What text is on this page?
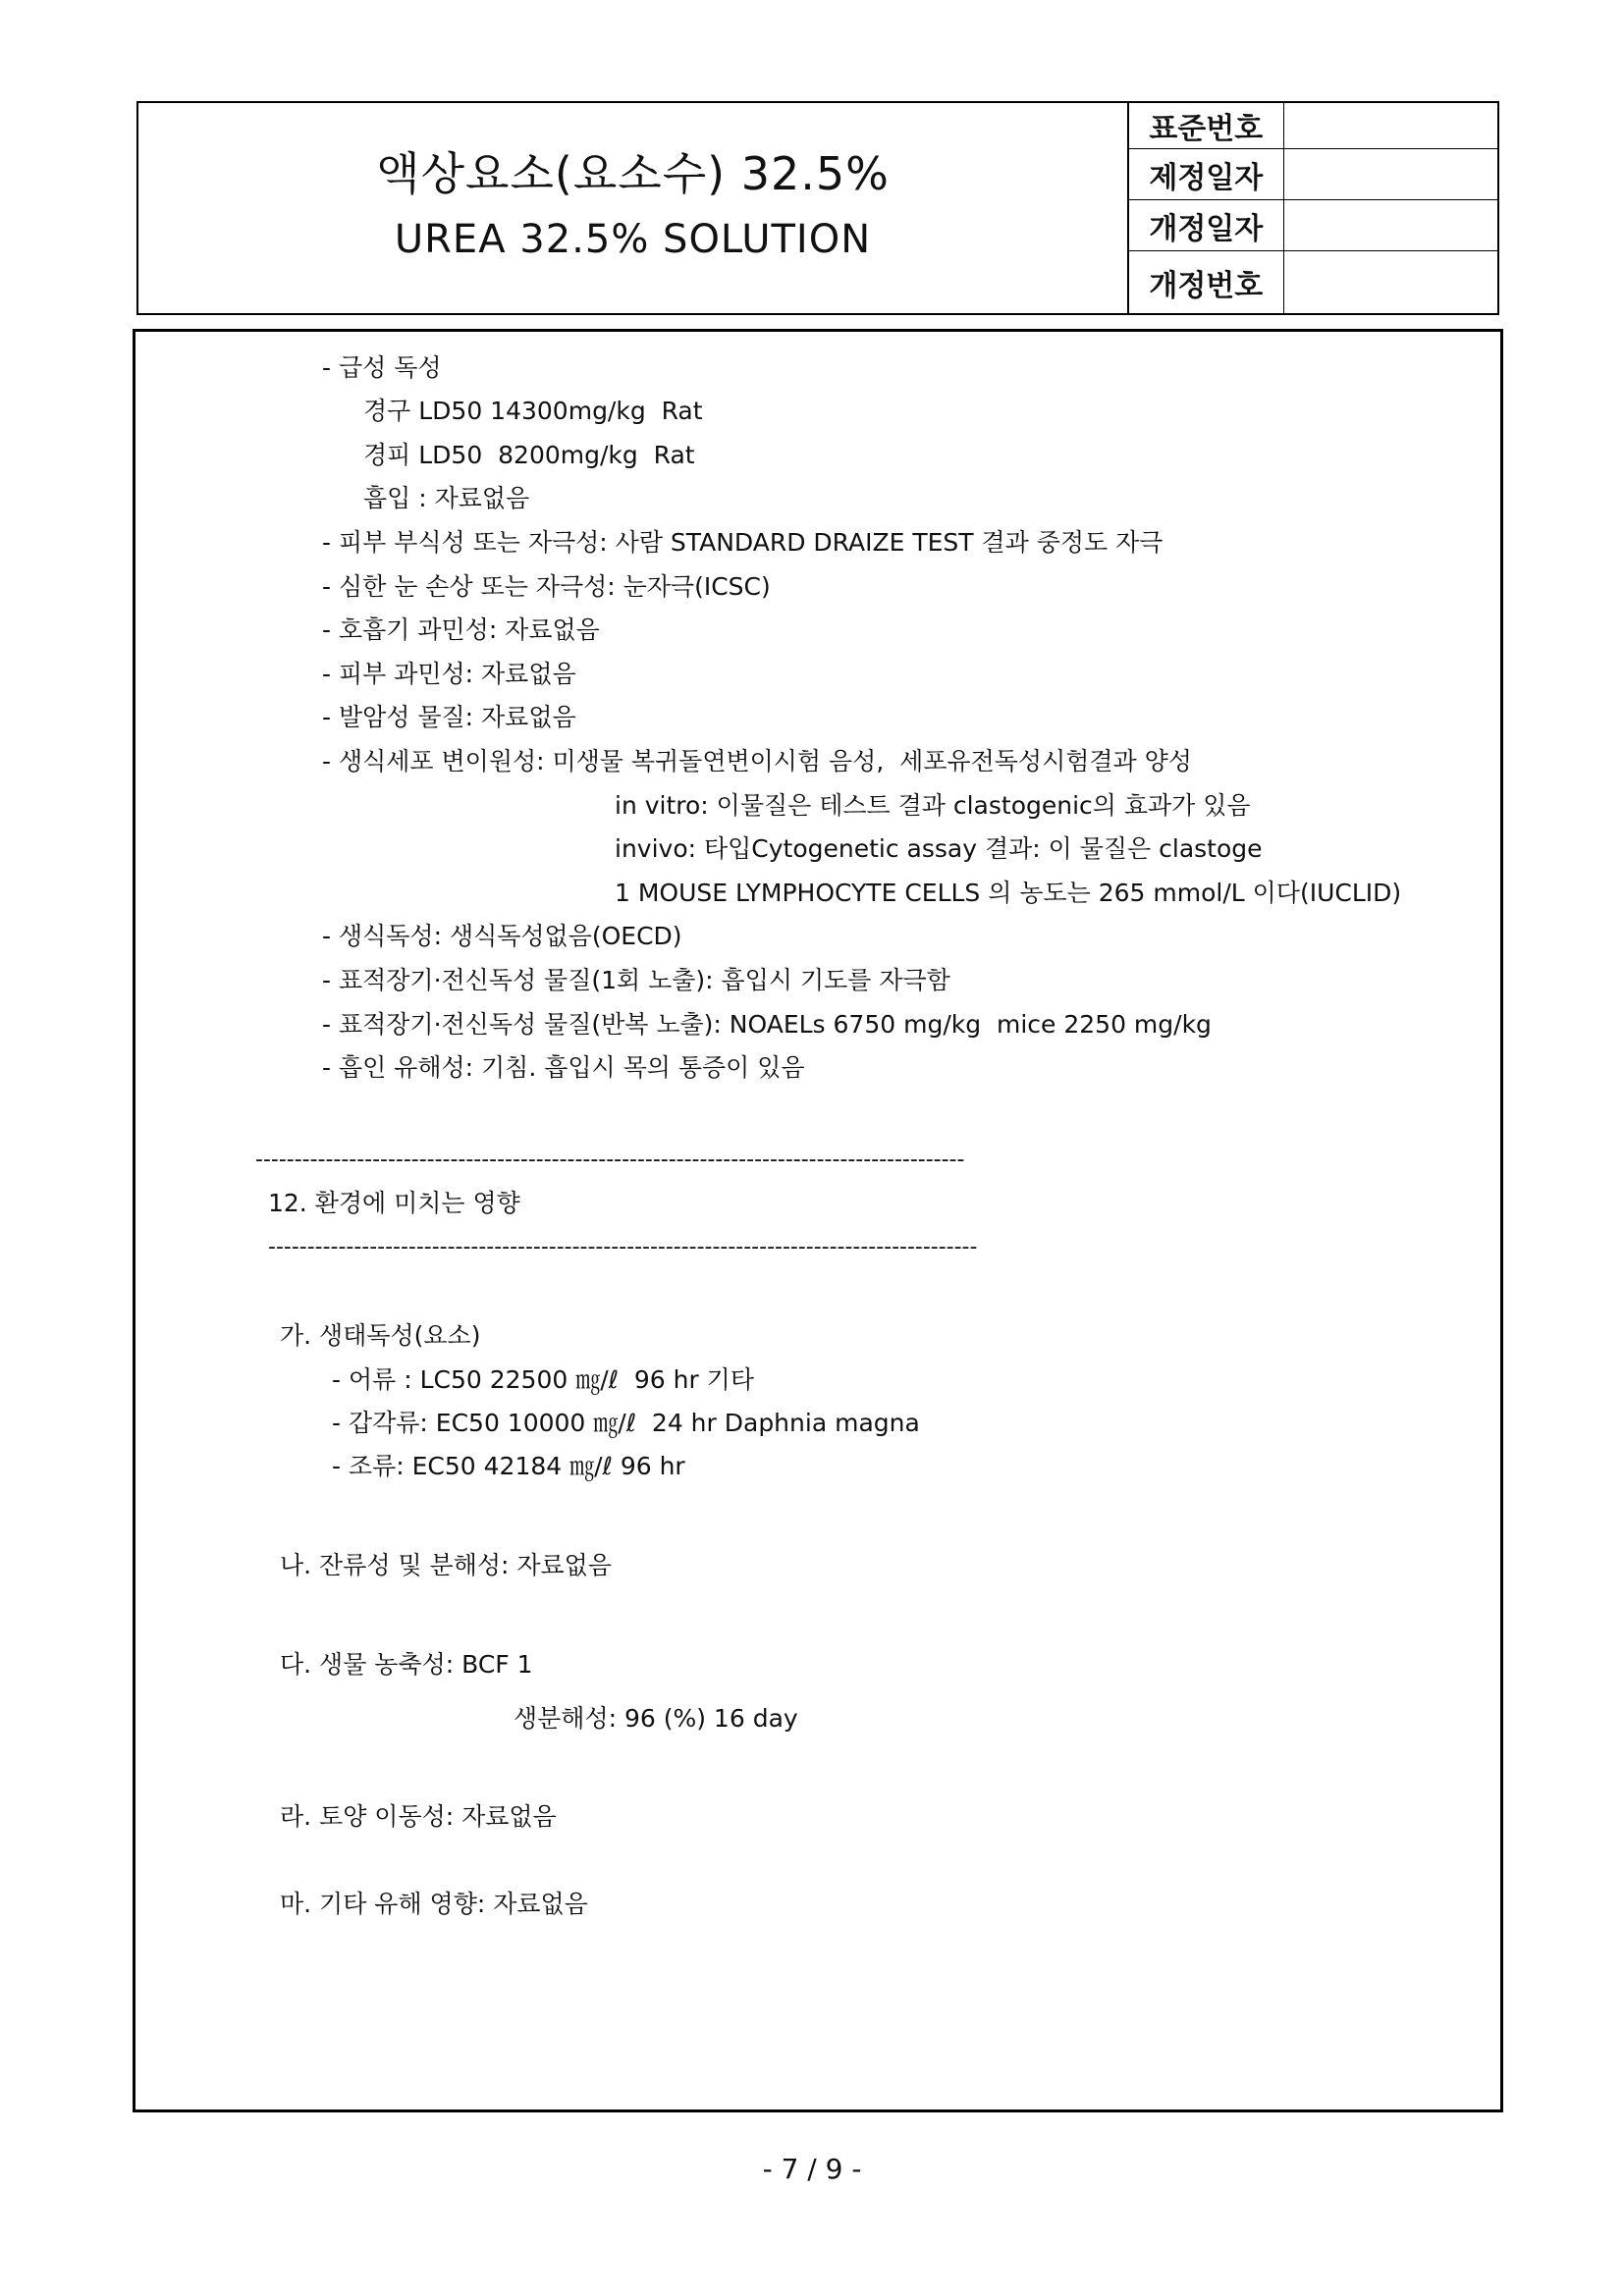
액상요소(요소수) 32.5%
UREA 32.5% SOLUTION
표준번호	
제정일자	
개정일자	
개정번호	
- 급성 독성
경구 LD50 14300mg/kg  Rat
경피 LD50  8200mg/kg  Rat
흡입 : 자료없음
- 피부 부식성 또는 자극성: 사람 STANDARD DRAIZE TEST 결과 중정도 자극
- 심한 눈 손상 또는 자극성: 눈자극(ICSC)
- 호흡기 과민성: 자료없음
- 피부 과민성: 자료없음
- 발암성 물질: 자료없음
- 생식세포 변이원성: 미생물 복귀돌연변이시험 음성,  세포유전독성시험결과 양성
in vitro: 이물질은 테스트 결과 clastogenic의 효과가 있음
invivo: 타입Cytogenetic assay 결과: 이 물질은 clastoge
1 MOUSE LYMPHOCYTE CELLS 의 농도는 265 mmol/L 이다(IUCLID)
- 생식독성: 생식독성없음(OECD)
- 표적장기·전신독성 물질(1회 노출): 흡입시 기도를 자극함
- 표적장기·전신독성 물질(반복 노출): NOAELs 6750 mg/kg  mice 2250 mg/kg
- 흡인 유해성: 기침. 흡입시 목의 통증이 있음
-------------------------------------------------------------------------------------------
12. 환경에 미치는 영향
-------------------------------------------------------------------------------------------
가. 생태독성(요소)
- 어류 : LC50 22500 ㎎/ℓ  96 hr 기타
- 갑각류: EC50 10000 ㎎/ℓ  24 hr Daphnia magna
- 조류: EC50 42184 ㎎/ℓ 96 hr
나. 잔류성 및 분해성: 자료없음
다. 생물 농축성: BCF 1
생분해성: 96 (%) 16 day
라. 토양 이동성: 자료없음
마. 기타 유해 영향: 자료없음
- 7 / 9 -
